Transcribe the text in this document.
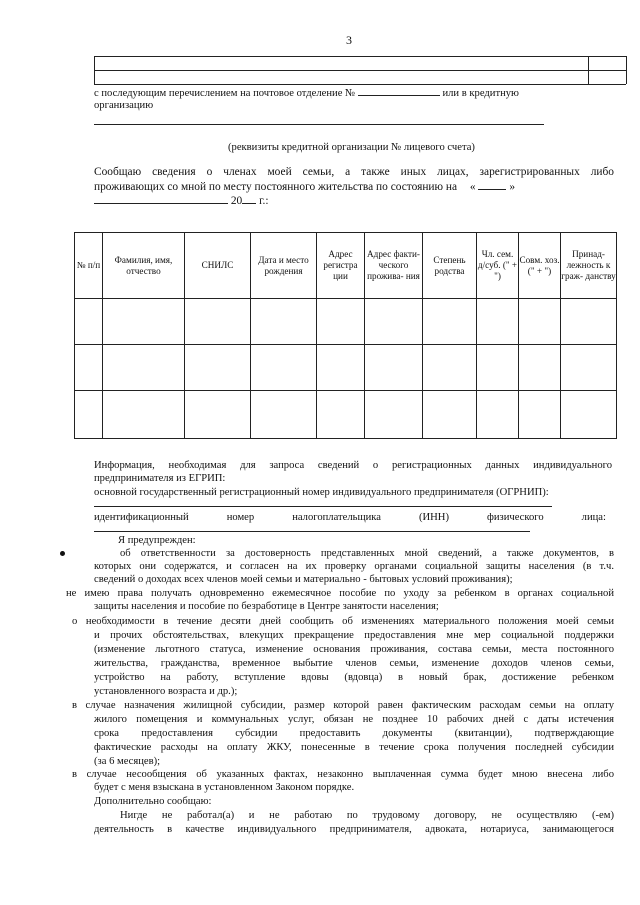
3
с последующим перечислением на почтовое отделение №	или в кредитную
организацию
(реквизиты кредитной организации № лицевого счета)
Сообщаю сведения о членах моей семьи, а также иных лицах, зарегистрированных либо
проживающих со мной по месту постоянного жительства по состоянию на «	»
20 г.:
№ п/п	Фамилия, имя, отчество	СНИЛС	Дата и место рождения	Адрес регистра ции	Адрес факти- ческого прожива- ния	Степень родства	Чл. сем. д/суб. (" + ")	Совм. хоз. (" + ")	Принад- лежность к граж- данству

Информация, необходимая для запроса сведений о регистрационных данных индивидуального
предпринимателя из ЕГРИП:
основной государственный регистрационный номер индивидуального предпринимателя (ОГРНИП):
идентификационный	номер	налогоплательщика	(ИНН)	физического	лица:
Я предупрежден:
об ответственности за достоверность представленных мной сведений, а также документов, в
которых они содержатся, и согласен на их проверку органами социальной защиты населения (в т.ч.
сведений о доходах всех членов моей семьи и материально - бытовых условий проживания);
не имею права получать одновременно ежемесячное пособие по уходу за ребенком в органах социальной
защиты населения и пособие по безработице в Центре занятости населения;
о необходимости в течение десяти дней сообщить об изменениях материального положения моей семьи
и прочих обстоятельствах, влекущих прекращение предоставления мне мер социальной поддержки
(изменение льготного статуса, изменение основания проживания, состава семьи, места постоянного
жительства, гражданства, временное выбытие членов семьи, изменение доходов членов семьи,
устройство на работу, вступление вдовы (вдовца) в новый брак, достижение ребенком
установленного возраста и др.);
в случае назначения жилищной субсидии, размер которой равен фактическим расходам семьи на оплату
жилого помещения и коммунальных услуг, обязан не позднее 10 рабочих дней с даты истечения
срока предоставления субсидии предоставить документы (квитанции), подтверждающие
фактические расходы на оплату ЖКУ, понесенные в течение срока получения последней субсидии
(за 6 месяцев);
в случае несообщения об указанных фактах, незаконно выплаченная сумма будет мною внесена либо
будет с меня взыскана в установленном Законом порядке.
Дополнительно сообщаю:
Нигде не работал(а) и не работаю по трудовому договору, не осуществляю (-ем)
деятельность в качестве индивидуального предпринимателя, адвоката, нотариуса, занимающегося
